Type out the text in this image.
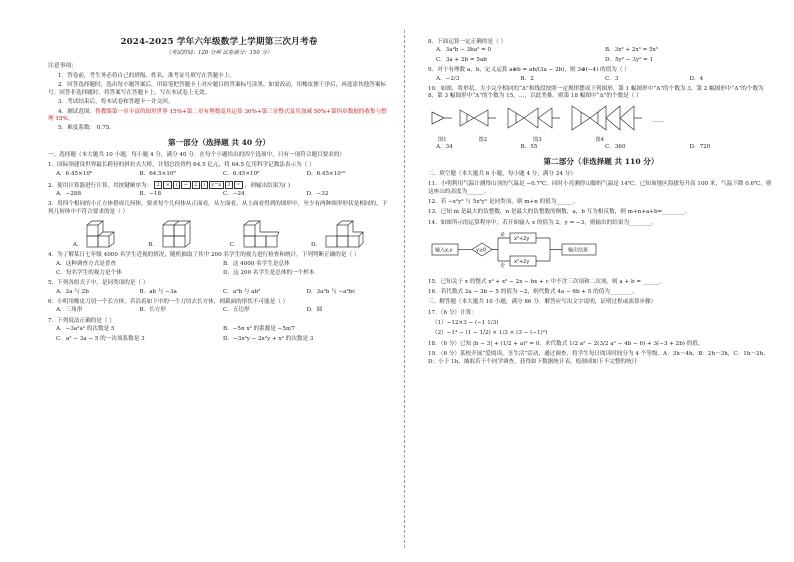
2024-2025 学年六年级数学上学期第三次月考卷
（考试时间：120 分钟 试卷满分：150 分）
注意事项：
1．答卷前，考生务必将自己的班级、姓名、准考证号填写在答题卡上。
2．回答选择题时，选出每小题答案后，用铅笔把答题卡上对应题目的答案标号涂黑。如需改动，用橡皮擦干净后，再选涂其他答案标号。回答非选择题时，将答案写在答题卡上。写在本试卷上无效。
3．考试结束后，将本试卷和答题卡一并交回。
4．测试范围：鲁教版第一章丰富的图形世界 15%+第二章有理数及其运算 30%+第三章整式及其加减 50%+第四章数据的收集与整理 15%。
5．难度系数： 0.75。
第一部分（选择题 共 40 分）
一、选择题（本大题共 10 小题，每小题 4 分，满分 40 分．在每个小题给出的四个选项中，只有一项符合题目要求的）
1．国际领建设世界最长跨径的斜拉式大桥，计划总投资约 64.5 亿元，将 64.5 亿用科学记数法表示为（ ）
A．6.45×10⁹	B．64.5×10⁸	C．6.45×10⁸	D．6.45×10¹⁰
2．使用计算器进行计算，其按键顺序为： 2	×	(	−	2	)	y^x	3	= ，则输出结果为( )
A．−288	B．−18	C．−24	D．−32
3．用四个相同的小正方体搭成几何体，要求每个几何体从正面看，从左面看，从上面看得到的图形中，至少有两种图形形状是相同的，下列几何体中不符合要求的是（ ）
A．	B．	C．	D．
4．为了解某日七年级 4000 名学生近视的情况，随机抽取了其中 200 名学生的视力进行检查和统计，下列判断正确的是（ ）
A．这种调查方式是普查	B．这 4000 名学生是总体
C．每名学生的视力是个体	D．这 200 名学生是总体的一个样本
5．下列各组式子中，是同类项的是（ ）
A．2a 与 2b	B．ab 与 −3a	C．a²b 与 ab²	D．3a²b 与 −a²bc
6．小明用橡皮刀切一个长方体，若沿着如下中的一个刀切去长方体，则截面的形状不可能是（ ）
A．三角形	B．长方形	C．五边形	D．圆
7．下列说法正确的是（ ）
A．−3a²a³ 的次数是 5	B．−5π x³ 的系数是 −5π/7
C．a² − 3a − 5 的一次项系数是 3	D．−3x²y − 2x²y + x² 的次数是 3
8．下面运算一定正确的是（ ）
A．3a²b − 3ba² = 0	B．3x² + 2x³ = 5x⁵
C．3a + 2b = 5ab	D．5y² − 3y² = 1
9．对于有理数 a，b，定义运算 a⊕b = ab/(3a − 2b)，则 3⊕(−4) 的值为（ ）
A．−2/3	B．2	C．3	D．4
10．如图，将形状、大小完全相同的“Δ”和线段按照一定规律摆成下列图形，第 1 幅图形中“Δ”的个数为 3，第 2 幅图形中“Δ”的个数为 8，第 3 幅图形中“Δ”的个数为 15，…，以此类推，则第 18 幅图中“Δ”的个数是（ ）
……
图1	图2	图3	图4
A．34	B．55	C．360	D．720
第二部分（非选择题 共 110 分）
二、填空题（本大题共 6 小题，每小题 4 分，满分 24 分）
11．小明利用气温计测得山顶的气温是 −0.7℃，同时小亮测得山脚的气温是 14℃，已知该地区海拔每升高 100 米，气温下降 0.6℃，则这座山的高度为______。
12．若 −x²y³ 与 5x³y⁵ 是同类项，则 m+n 的值为______。
13．已知 m 是最大的负整数，n 是最大的负整数的倒数，a，b 互为相反数，则 m+n+a+b=________。
14．如图所示的运算程序中，若开始输入 x 的值为 2，y = −3，则输出的结果为________。
输入x,y	y≥0
是
否
x²+2y
x²+2y
输出结果
15．已知关于 x 的整式 x³ + x² − 2x − bx + c 中不含三次项和二次项，则 a + b = ______。
16．若代数式 2a − 3b − 5 的值为 −2，则代数式 4a − 6b + 5 的值为________。
三、解答题（本大题共 10 小题，满分 86 分．解答应写出文字说明，证明过程或演算步骤）
17．（6 分）计算：
（1）−12×3 − (−1 1/3)
（2）−1⁴ − (1 − 1/2) × 1/3 × (3 − (−1)²)
18．（6 分）已知 |b − 3| + (1/2 + a)² = 0，求代数式 1/2 a² − 2(3/2 a² − 4b − 6) + 3(−3 + 2b) 的值。
19．（6 分）某校开展“爱阅读，享生活”活动，通过调查，将学生每日阅读时间分为 4 个等级．A：3h～4h，B：2h～3h，C：1h～2h，D：小于 1h，抽取若干个同学调查，获得如下数据统计表，绘制成如下不完整的统计
